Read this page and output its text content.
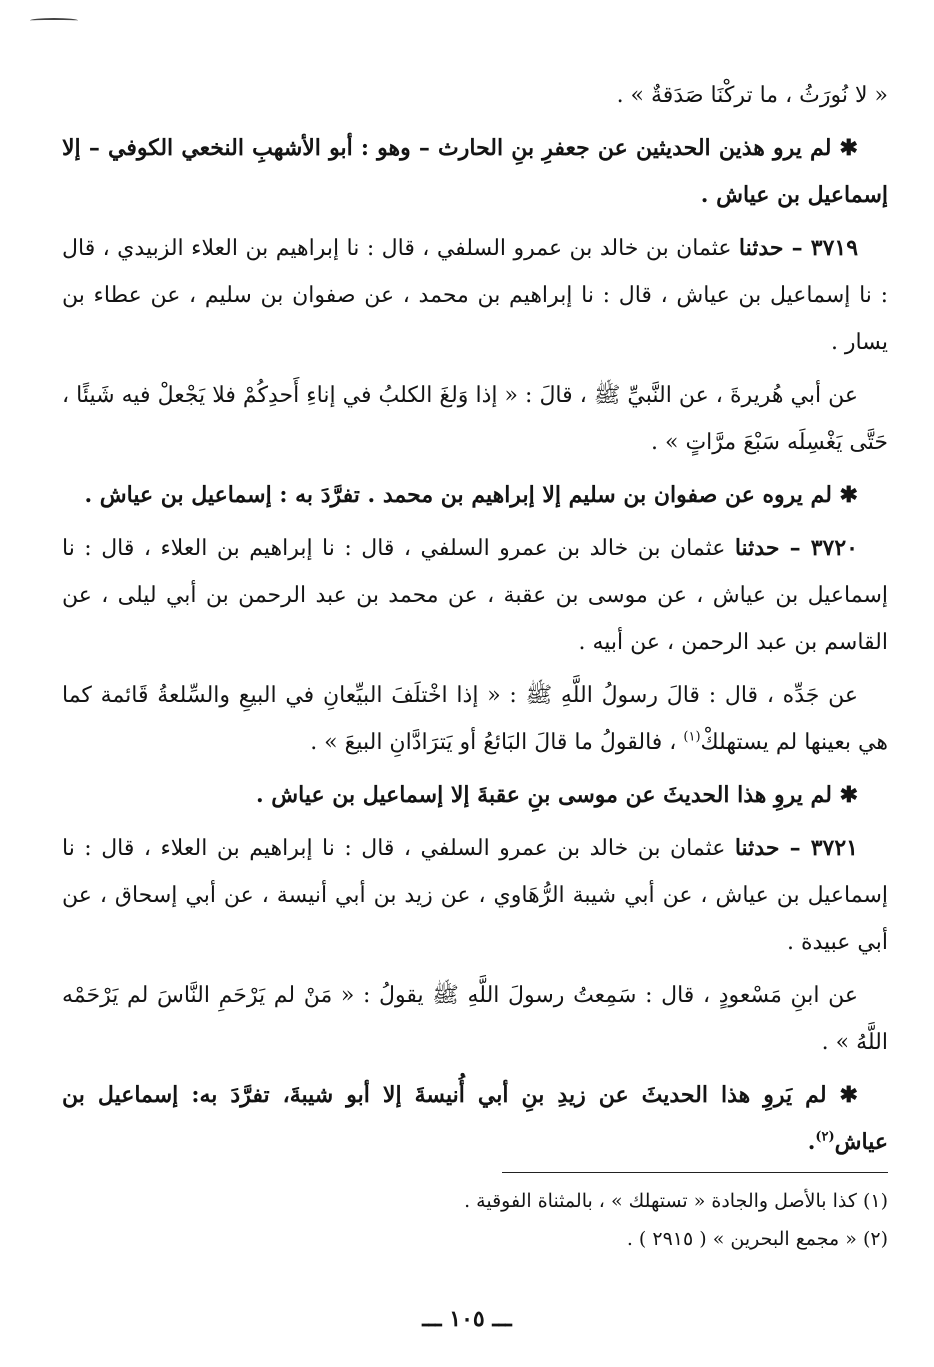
« لا نُورَثُ ، ما تركْنَا صَدَقةٌ » .

✱ لم يرو هذين الحديثين عن جعفرِ بنِ الحارث – وهو : أبو الأشهبِ النخعي الكوفي – إلا إسماعيل بن عياش .

٣٧١٩ – حدثنا عثمان بن خالد بن عمرو السلفي ، قال : نا إبراهيم بن العلاء الزبيدي ، قال : نا إسماعيل بن عياش ، قال : نا إبراهيم بن محمد ، عن صفوان بن سليم ، عن عطاء بن يسار .

عن أبي هُريرةَ ، عن النَّبيِّ ﷺ ، قالَ : « إذا وَلغَ الكلبُ في إناءِ أَحدِكُمْ فلا يَجْعلْ فيه شَيئًا ، حَتَّى يَغْسِلَه سَبْعَ مرَّاتٍ » .

✱ لم يروه عن صفوان بن سليم إلا إبراهيم بن محمد . تفرَّدَ به : إسماعيل بن عياش .

٣٧٢٠ – حدثنا عثمان بن خالد بن عمرو السلفي ، قال : نا إبراهيم بن العلاء ، قال : نا إسماعيل بن عياش ، عن موسى بن عقبة ، عن محمد بن عبد الرحمن بن أبي ليلى ، عن القاسم بن عبد الرحمن ، عن أبيه .

عن جَدِّه ، قال : قالَ رسولُ اللَّهِ ﷺ : « إذا اخْتلَفَ البيِّعانِ في البيعِ والسِّلعةُ قَائمة كما هي بعينها لم يستهلكْ$^{(١)}$ ، فالقولُ ما قالَ البَائعُ أو يَترَادَّانِ البيعَ » .

✱ لم يروِ هذا الحديثَ عن موسى بنِ عقبةَ إلا إسماعيل بن عياش .

٣٧٢١ – حدثنا عثمان بن خالد بن عمرو السلفي ، قال : نا إبراهيم بن العلاء ، قال : نا إسماعيل بن عياش ، عن أبي شيبة الرُّهَاوي ، عن زيد بن أبي أنيسة ، عن أبي إسحاق ، عن أبي عبيدة .

عن ابنِ مَسْعودٍ ، قال : سَمِعتُ رسولَ اللَّهِ ﷺ يقولُ : « مَنْ لم يَرْحَمِ النَّاسَ لم يَرْحَمْه اللَّهُ » .

✱ لم يَروِ هذا الحديثَ عن زيدِ بنِ أبي أُنيسةَ إلا أبو شيبةَ، تفرَّدَ به: إسماعيل بن عياش$^{(٢)}$.

(١) كذا بالأصل والجادة « تستهلك » ، بالمثناة الفوقية .

(٢) « مجمع البحرين » ( ٢٩١٥ ) .

ـــ ١٠٥ ـــ
